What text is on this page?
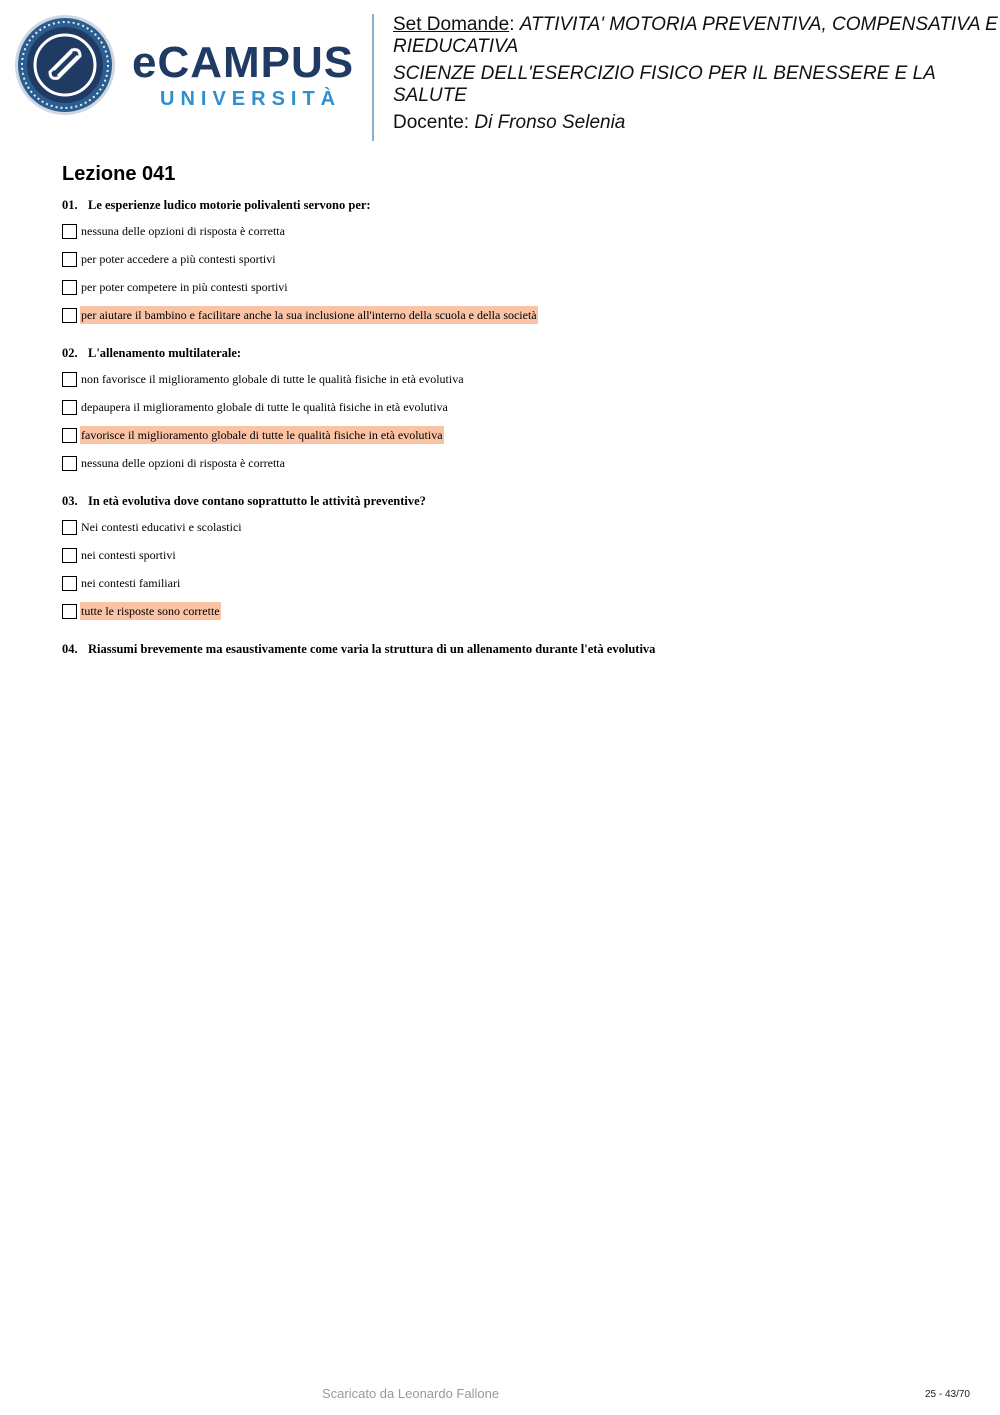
eCAMPUS
UNIVERSITÀ
Set Domande: ATTIVITA' MOTORIA PREVENTIVA, COMPENSATIVA E
RIEDUCATIVA
SCIENZE DELL'ESERCIZIO FISICO PER IL BENESSERE E LA
SALUTE
Docente: Di Fronso Selenia
Lezione 041
01. Le esperienze ludico motorie polivalenti servono per:
nessuna delle opzioni di risposta è corretta
per poter accedere a più contesti sportivi
per poter competere in più contesti sportivi
per aiutare il bambino e facilitare anche la sua inclusione all'interno della scuola e della società
02. L'allenamento multilaterale:
non favorisce il miglioramento globale di tutte le qualità fisiche in età evolutiva
depaupera il miglioramento globale di tutte le qualità fisiche in età evolutiva
favorisce il miglioramento globale di tutte le qualità fisiche in età evolutiva
nessuna delle opzioni di risposta è corretta
03. In età evolutiva dove contano soprattutto le attività preventive?
Nei contesti educativi e scolastici
nei contesti sportivi
nei contesti familiari
tutte le risposte sono corrette
04. Riassumi brevemente ma esaustivamente come varia la struttura di un allenamento durante l'età evolutiva
Scaricato da Leonardo Fallone	25 - 43/70
